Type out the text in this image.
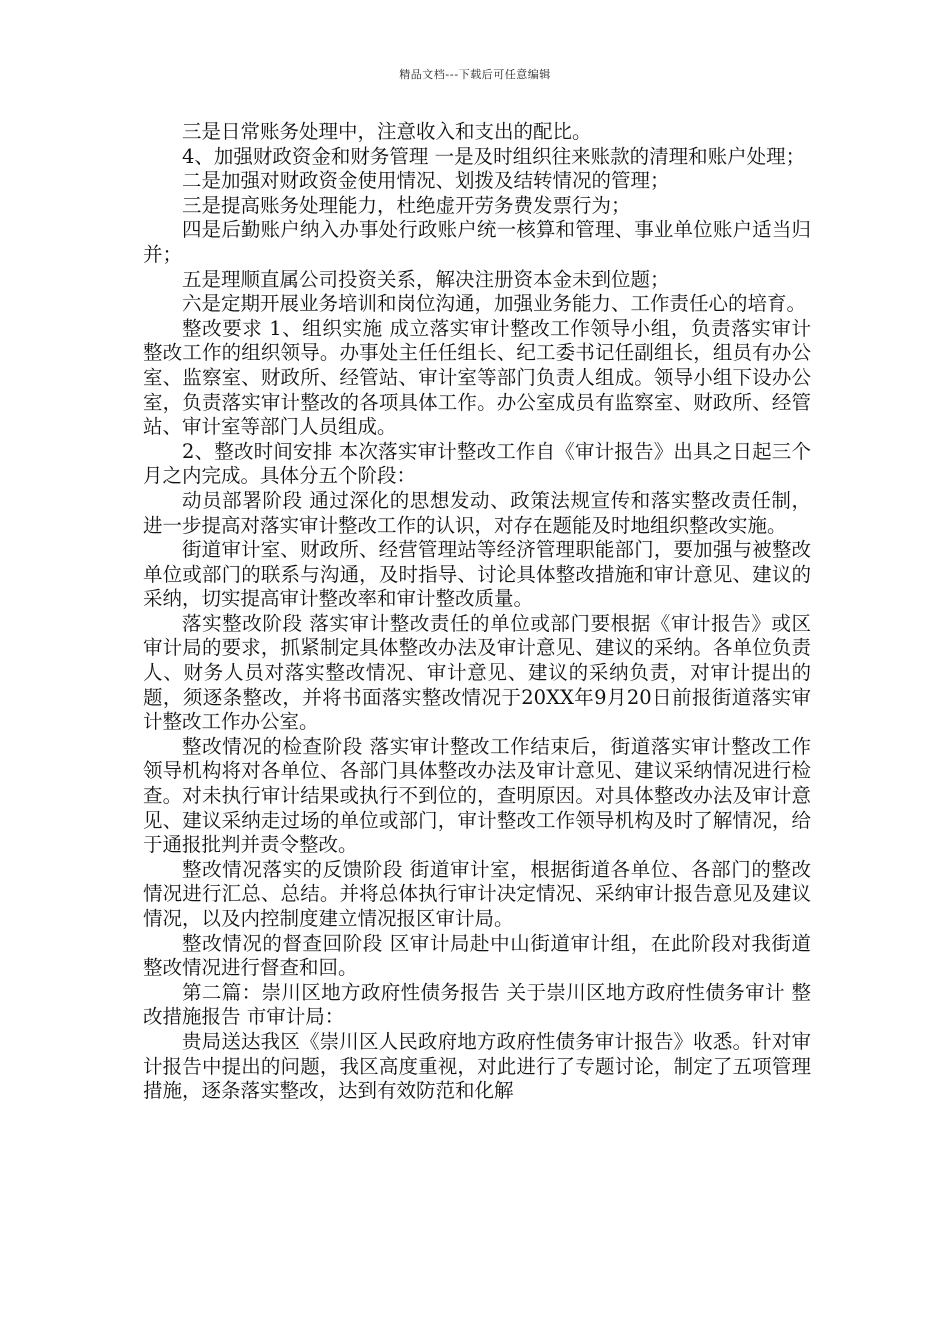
精品文档---下载后可任意编辑

三是日常账务处理中，注意收入和支出的配比。

4、加强财政资金和财务管理 一是及时组织往来账款的清理和账户处理；

二是加强对财政资金使用情况、划拨及结转情况的管理；

三是提高账务处理能力，杜绝虚开劳务费发票行为；

四是后勤账户纳入办事处行政账户统一核算和管理、事业单位账户适当归并；

五是理顺直属公司投资关系，解决注册资本金未到位题；

六是定期开展业务培训和岗位沟通，加强业务能力、工作责任心的培育。

整改要求 1、组织实施 成立落实审计整改工作领导小组，负责落实审计整改工作的组织领导。办事处主任任组长、纪工委书记任副组长，组员有办公室、监察室、财政所、经管站、审计室等部门负责人组成。领导小组下设办公室，负责落实审计整改的各项具体工作。办公室成员有监察室、财政所、经管站、审计室等部门人员组成。

2、整改时间安排 本次落实审计整改工作自《审计报告》出具之日起三个月之内完成。具体分五个阶段：

动员部署阶段 通过深化的思想发动、政策法规宣传和落实整改责任制，进一步提高对落实审计整改工作的认识，对存在题能及时地组织整改实施。

街道审计室、财政所、经营管理站等经济管理职能部门，要加强与被整改单位或部门的联系与沟通，及时指导、讨论具体整改措施和审计意见、建议的采纳，切实提高审计整改率和审计整改质量。

落实整改阶段 落实审计整改责任的单位或部门要根据《审计报告》或区审计局的要求，抓紧制定具体整改办法及审计意见、建议的采纳。各单位负责人、财务人员对落实整改情况、审计意见、建议的采纳负责，对审计提出的题，须逐条整改，并将书面落实整改情况于20XX年9月20日前报街道落实审计整改工作办公室。

整改情况的检查阶段 落实审计整改工作结束后，街道落实审计整改工作领导机构将对各单位、各部门具体整改办法及审计意见、建议采纳情况进行检查。对未执行审计结果或执行不到位的，查明原因。对具体整改办法及审计意见、建议采纳走过场的单位或部门，审计整改工作领导机构及时了解情况，给于通报批判并责令整改。

整改情况落实的反馈阶段 街道审计室，根据街道各单位、各部门的整改情况进行汇总、总结。并将总体执行审计决定情况、采纳审计报告意见及建议情况，以及内控制度建立情况报区审计局。

整改情况的督查回阶段 区审计局赴中山街道审计组，在此阶段对我街道整改情况进行督查和回。

第二篇：崇川区地方政府性债务报告 关于崇川区地方政府性债务审计 整改措施报告 市审计局：

贵局送达我区《崇川区人民政府地方政府性债务审计报告》收悉。针对审计报告中提出的问题，我区高度重视，对此进行了专题讨论，制定了五项管理措施，逐条落实整改，达到有效防范和化解
